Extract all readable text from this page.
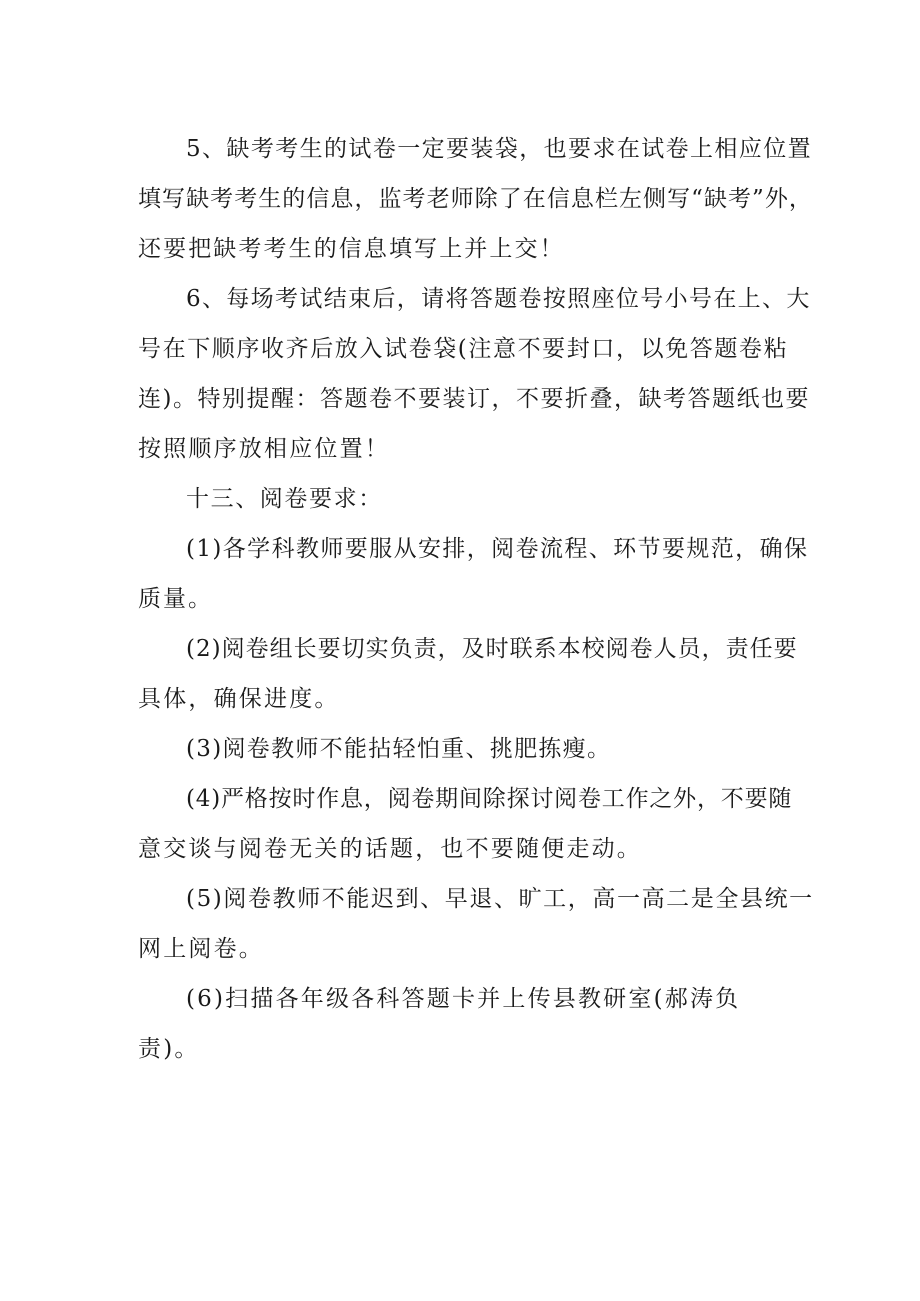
5、缺考考生的试卷一定要装袋，也要求在试卷上相应位置
填写缺考考生的信息，监考老师除了在信息栏左侧写“缺考”外，
还要把缺考考生的信息填写上并上交！
6、每场考试结束后，请将答题卷按照座位号小号在上、大
号在下顺序收齐后放入试卷袋(注意不要封口，以免答题卷粘
连)。特别提醒：答题卷不要装订，不要折叠，缺考答题纸也要
按照顺序放相应位置！
十三、阅卷要求：
(1)各学科教师要服从安排，阅卷流程、环节要规范，确保
质量。
(2)阅卷组长要切实负责，及时联系本校阅卷人员，责任要
具体，确保进度。
(3)阅卷教师不能拈轻怕重、挑肥拣瘦。
(4)严格按时作息，阅卷期间除探讨阅卷工作之外，不要随
意交谈与阅卷无关的话题，也不要随便走动。
(5)阅卷教师不能迟到、早退、旷工，高一高二是全县统一
网上阅卷。
(6)扫描各年级各科答题卡并上传县教研室(郝涛负
责)。
